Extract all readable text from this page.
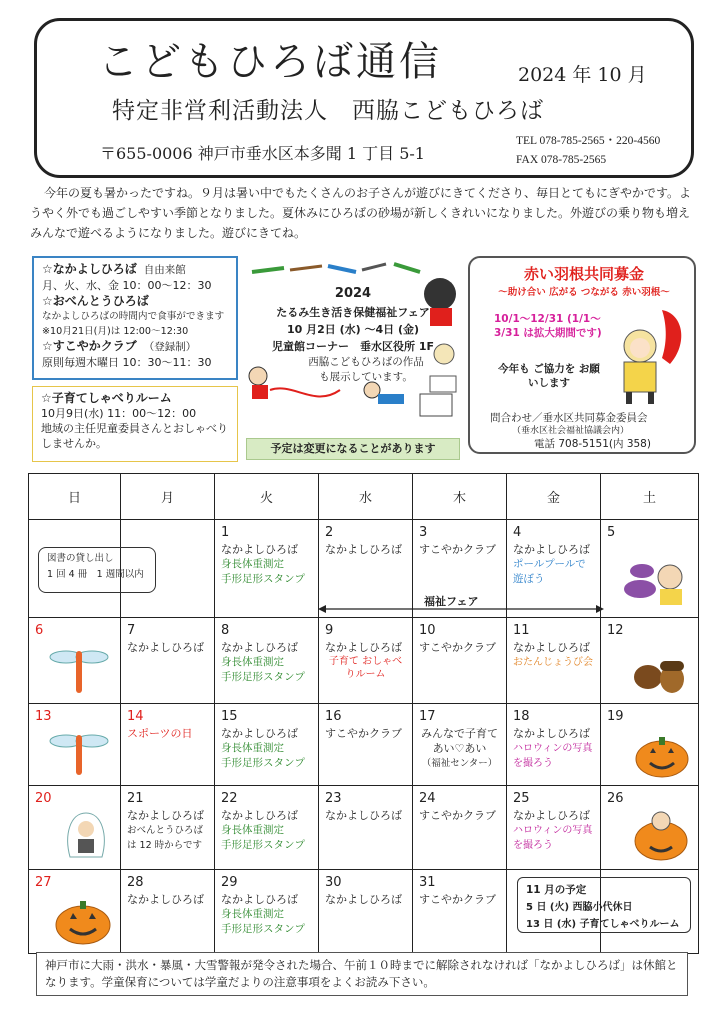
こどもひろば通信	2024 年 10 月
特定非営利活動法人　西脇こどもひろば
〒655-0006 神戸市垂水区本多聞 1 丁目 5-1
TEL 078-785-2565・220-4560
FAX 078-785-2565
今年の夏も暑かったですね。９月は暑い中でもたくさんのお子さんが遊びにきてくださり、毎日とてもにぎやかです。ようやく外でも過ごしやすい季節となりました。夏休みにひろばの砂場が新しくきれいになりました。外遊びの乗り物も増えみんなで遊べるようになりました。遊びにきてね。
☆なかよしひろば 自由来館
月、火、水、金 10：00～12：30
☆おべんとうひろば
なかよしひろばの時間内で食事ができます
※10月21日(月)は 12:00～12:30
☆すこやかクラブ （登録制）
原則毎週木曜日 10：30～11：30
☆子育てしゃべりルーム
10月9日(水) 11：00～12：00
地域の主任児童委員さんとおしゃべりしませんか。
2024
たるみ生き活き保健福祉フェア
10 月2日 (水) ～4日 (金)
児童館コーナー　垂水区役所 1F
西脇こどもひろばの作品も展示しています。
予定は変更になることがあります
赤い羽根共同募金
～助け合い 広がる つながる 赤い羽根～
10/1～12/31 (1/1～3/31 は拡大期間です)
今年も ご協力を お願いします
問合わせ／垂水区共同募金委員会
（垂水区社会福祉協議会内）
電話 708-5151(内 358)
日	月	火	水	木	金	土

		1
なかよしひろば
身長体重測定
手形足形スタンプ	2
なかよしひろば	3
すこやかクラブ	4
なかよしひろば
ポールプールで遊ぼう	5

6	7
なかよしひろば	8
なかよしひろば
身長体重測定
手形足形スタンプ	9
なかよしひろば
子育て おしゃべりルーム	10
すこやかクラブ	11
なかよしひろば
おたんじょうび会	12

13	14
スポーツの日	15
なかよしひろば
身長体重測定
手形足形スタンプ	16
すこやかクラブ	17
みんなで子育て あい♡あい
（福祉センター）	18
なかよしひろば
ハロウィンの写真を撮ろう	19

20	21
なかよしひろば
おべんとうひろばは 12 時からです	22
なかよしひろば
身長体重測定
手形足形スタンプ	23
なかよしひろば	24
すこやかクラブ	25
なかよしひろば
ハロウィンの写真を撮ろう	26

27	28
なかよしひろば	29
なかよしひろば
身長体重測定
手形足形スタンプ	30
なかよしひろば	31
すこやかクラブ		

図書の貸し出し
1 回 4 冊　1 週間以内
福祉フェア
11 月の予定
5 日 (火) 西脇小代休日
13 日 (水) 子育てしゃべりルーム
神戸市に大雨・洪水・暴風・大雪警報が発令された場合、午前１０時までに解除されなければ「なかよしひろば」は休館となります。学童保育については学童だよりの注意事項をよくお読み下さい。
